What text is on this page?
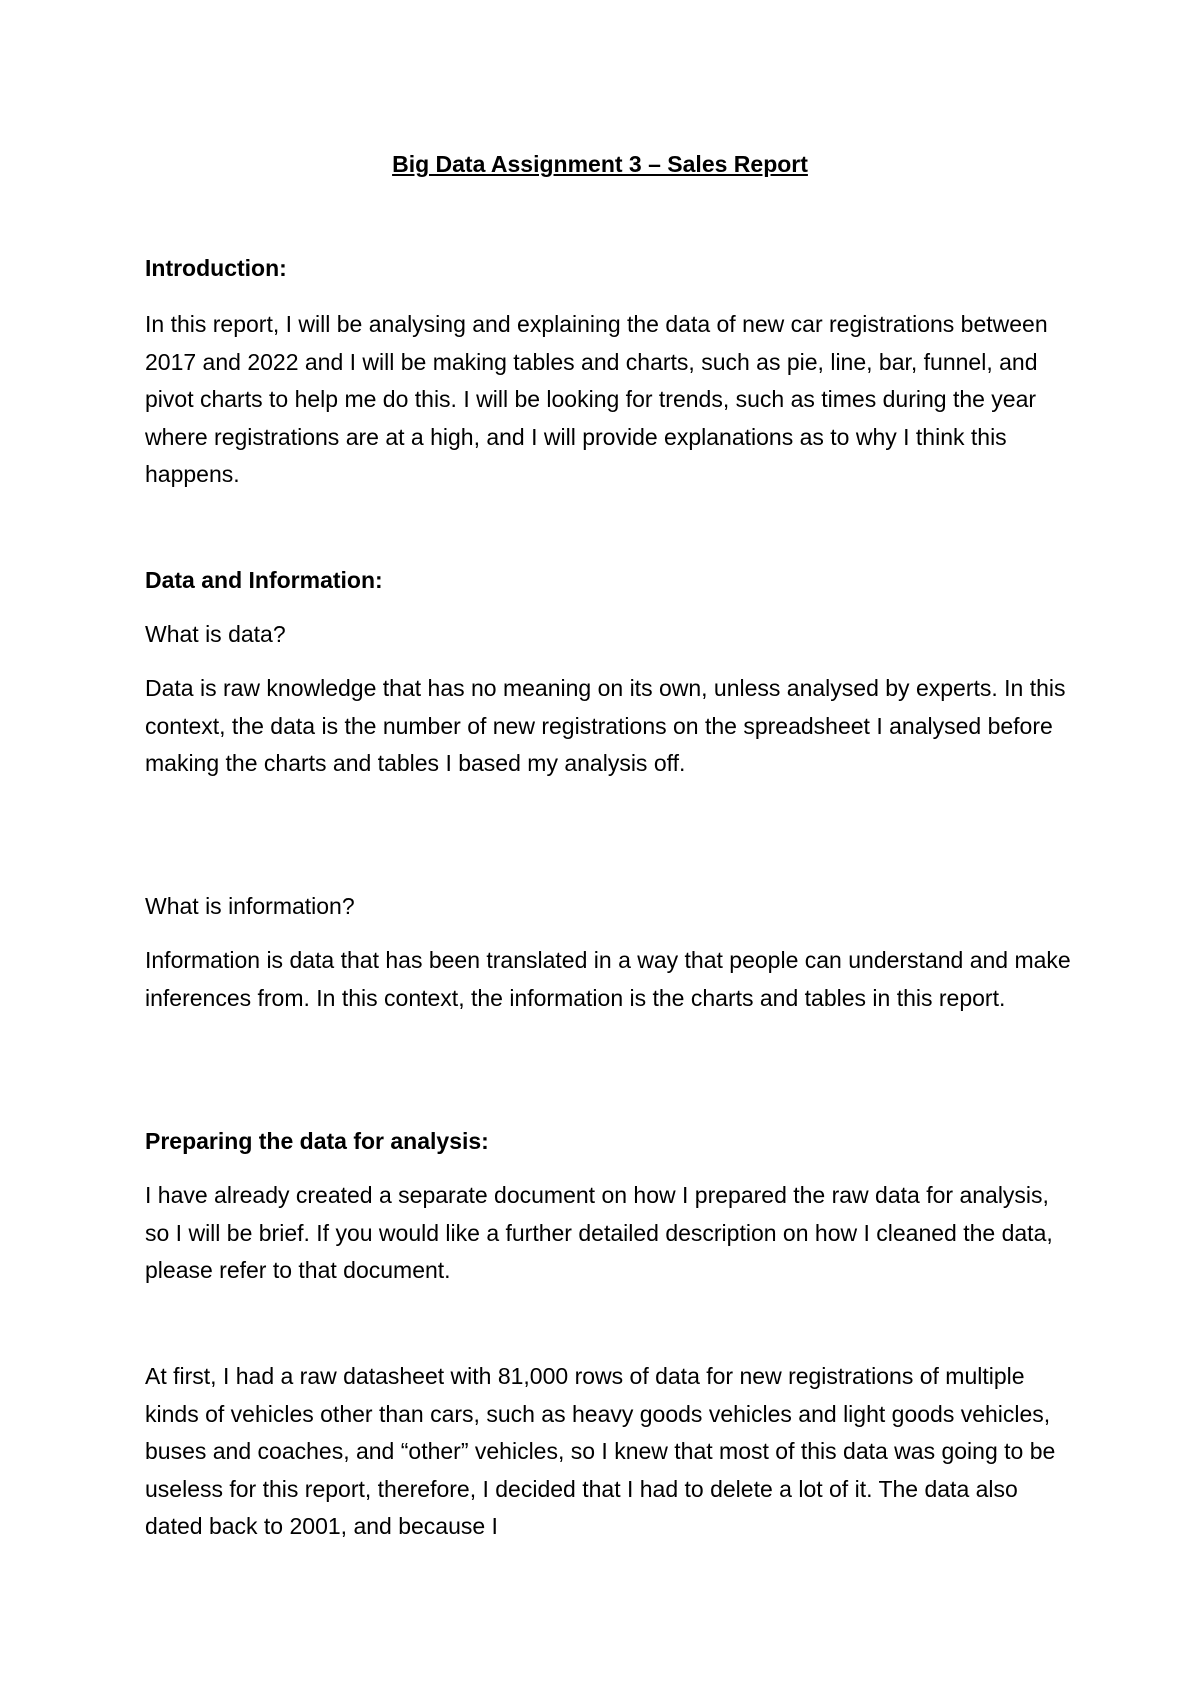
Big Data Assignment 3 – Sales Report

Introduction:

In this report, I will be analysing and explaining the data of new car registrations between 2017 and 2022 and I will be making tables and charts, such as pie, line, bar, funnel, and pivot charts to help me do this. I will be looking for trends, such as times during the year where registrations are at a high, and I will provide explanations as to why I think this happens.

Data and Information:

What is data?

Data is raw knowledge that has no meaning on its own, unless analysed by experts. In this context, the data is the number of new registrations on the spreadsheet I analysed before making the charts and tables I based my analysis off.

What is information?

Information is data that has been translated in a way that people can understand and make inferences from. In this context, the information is the charts and tables in this report.

Preparing the data for analysis:

I have already created a separate document on how I prepared the raw data for analysis, so I will be brief. If you would like a further detailed description on how I cleaned the data, please refer to that document.

At first, I had a raw datasheet with 81,000 rows of data for new registrations of multiple kinds of vehicles other than cars, such as heavy goods vehicles and light goods vehicles, buses and coaches, and “other” vehicles, so I knew that most of this data was going to be useless for this report, therefore, I decided that I had to delete a lot of it. The data also dated back to 2001, and because I
